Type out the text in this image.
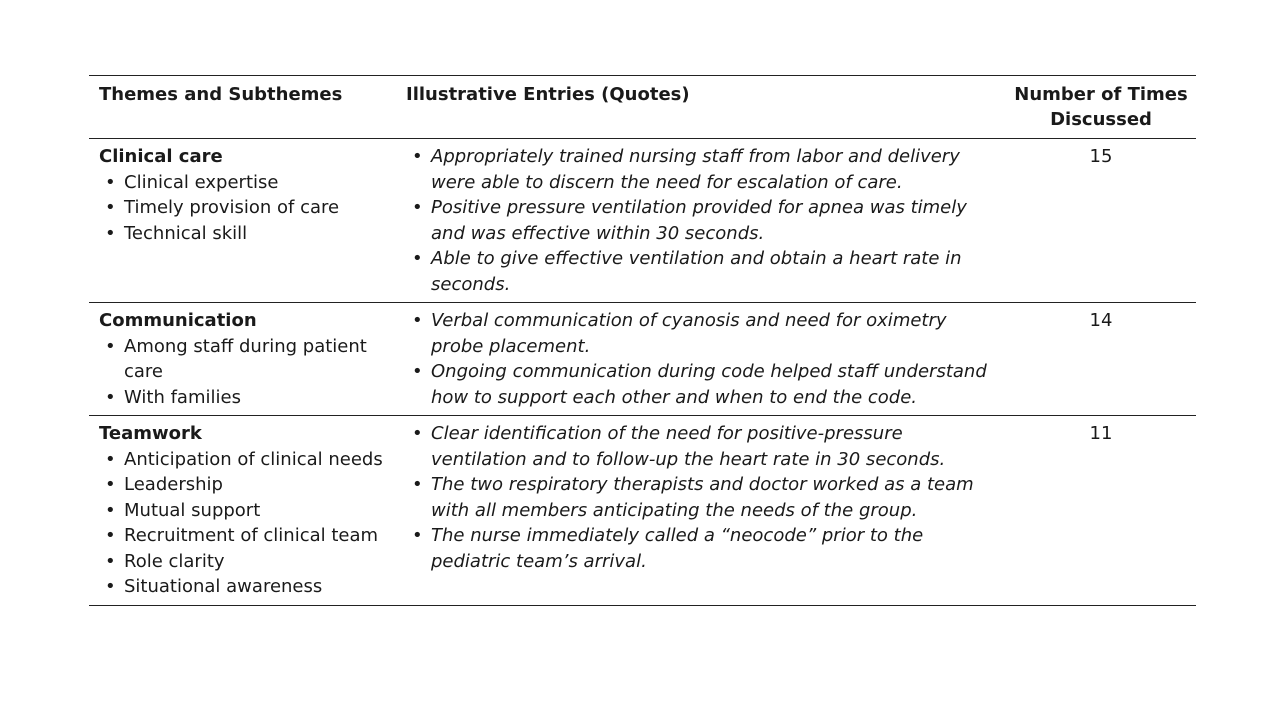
Themes and Subthemes	Illustrative Entries (Quotes)	Number of Times Discussed
Clinical care
• Clinical expertise
• Timely provision of care
• Technical skill
• Appropriately trained nursing staff from labor and delivery were able to discern the need for escalation of care.
• Positive pressure ventilation provided for apnea was timely and was effective within 30 seconds.
• Able to give effective ventilation and obtain a heart rate in seconds.
15
Communication
• Among staff during patient care
• With families
• Verbal communication of cyanosis and need for oximetry probe placement.
• Ongoing communication during code helped staff understand how to support each other and when to end the code.
14
Teamwork
• Anticipation of clinical needs
• Leadership
• Mutual support
• Recruitment of clinical team
• Role clarity
• Situational awareness
• Clear identification of the need for positive-pressure ventilation and to follow-up the heart rate in 30 seconds.
• The two respiratory therapists and doctor worked as a team with all members anticipating the needs of the group.
• The nurse immediately called a “neocode” prior to the pediatric team’s arrival.
11
